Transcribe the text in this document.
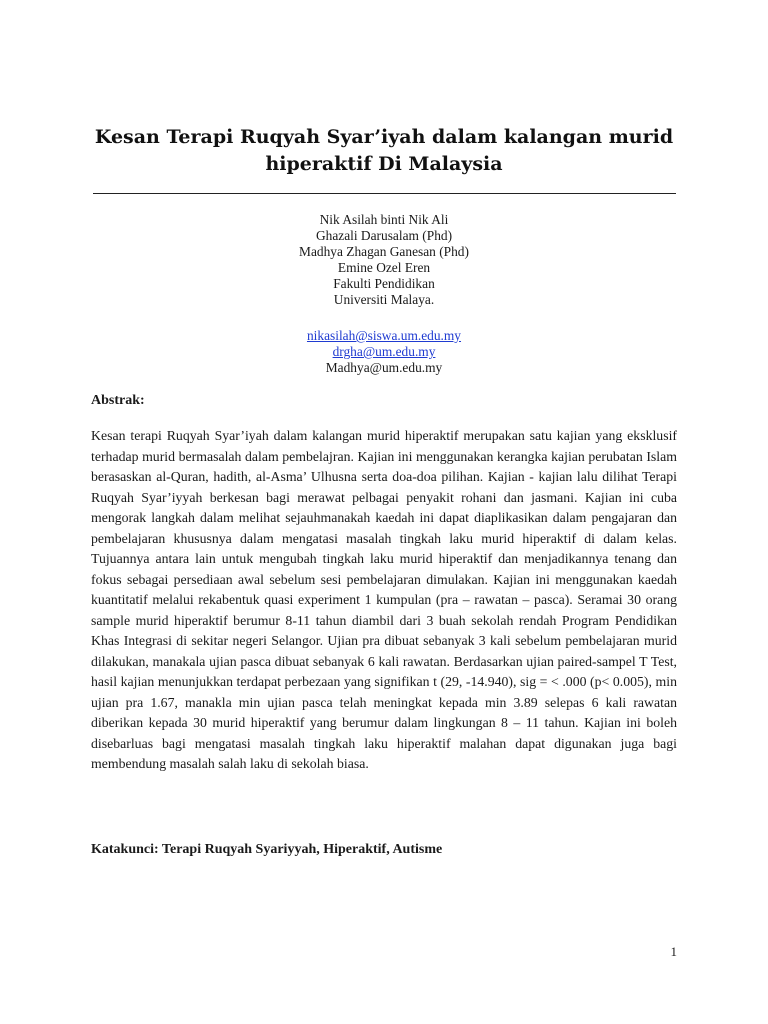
Kesan Terapi Ruqyah Syar’iyah dalam kalangan murid
hiperaktif Di Malaysia
Nik Asilah binti Nik Ali
Ghazali Darusalam (Phd)
Madhya Zhagan Ganesan (Phd)
Emine Ozel Eren
Fakulti Pendidikan
Universiti Malaya.
nikasilah@siswa.um.edu.my
drgha@um.edu.my
Madhya@um.edu.my
Abstrak:
Kesan terapi Ruqyah Syar’iyah dalam kalangan murid hiperaktif merupakan satu kajian yang eksklusif terhadap murid bermasalah dalam pembelajran. Kajian ini menggunakan kerangka kajian perubatan Islam berasaskan al-Quran, hadith, al-Asma’ Ulhusna serta doa-doa pilihan. Kajian - kajian lalu dilihat Terapi Ruqyah Syar’iyyah berkesan bagi merawat pelbagai penyakit rohani dan jasmani. Kajian ini cuba mengorak langkah dalam melihat sejauhmanakah kaedah ini dapat diaplikasikan dalam pengajaran dan pembelajaran khususnya dalam mengatasi masalah tingkah laku murid hiperaktif di dalam kelas. Tujuannya antara lain untuk mengubah tingkah laku murid hiperaktif dan menjadikannya tenang dan fokus sebagai persediaan awal sebelum sesi pembelajaran dimulakan. Kajian ini menggunakan kaedah kuantitatif melalui rekabentuk quasi experiment 1 kumpulan (pra – rawatan – pasca). Seramai 30 orang sample murid hiperaktif berumur 8-11 tahun diambil dari 3 buah sekolah rendah Program Pendidikan Khas Integrasi di sekitar negeri Selangor. Ujian pra dibuat sebanyak 3 kali sebelum pembelajaran murid dilakukan, manakala ujian pasca dibuat sebanyak 6 kali rawatan. Berdasarkan ujian paired-sampel T Test, hasil kajian menunjukkan terdapat perbezaan yang signifikan t (29, -14.940), sig = < .000 (p< 0.005), min ujian pra 1.67, manakla min ujian pasca telah meningkat kepada min 3.89 selepas 6 kali rawatan diberikan kepada 30 murid hiperaktif yang berumur dalam lingkungan 8 – 11 tahun. Kajian ini boleh disebarluas bagi mengatasi masalah tingkah laku hiperaktif malahan dapat digunakan juga bagi membendung masalah salah laku di sekolah biasa.
Katakunci: Terapi Ruqyah Syariyyah, Hiperaktif, Autisme
1
